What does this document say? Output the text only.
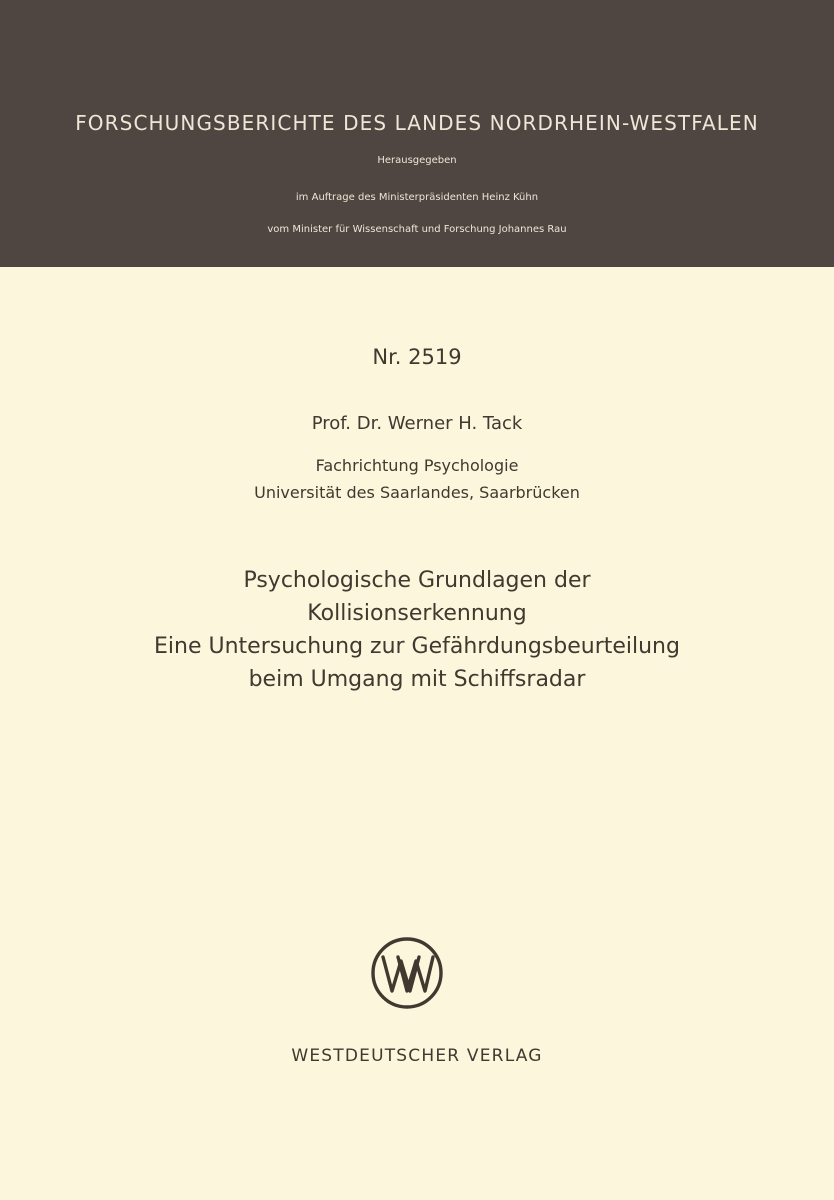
FORSCHUNGSBERICHTE DES LANDES NORDRHEIN-WESTFALEN
Herausgegeben
im Auftrage des Ministerpräsidenten Heinz Kühn
vom Minister für Wissenschaft und Forschung Johannes Rau
Nr. 2519
Prof. Dr. Werner H. Tack
Fachrichtung Psychologie
Universität des Saarlandes, Saarbrücken
Psychologische Grundlagen der
Kollisionserkennung
Eine Untersuchung zur Gefährdungsbeurteilung
beim Umgang mit Schiffsradar
WESTDEUTSCHER VERLAG
